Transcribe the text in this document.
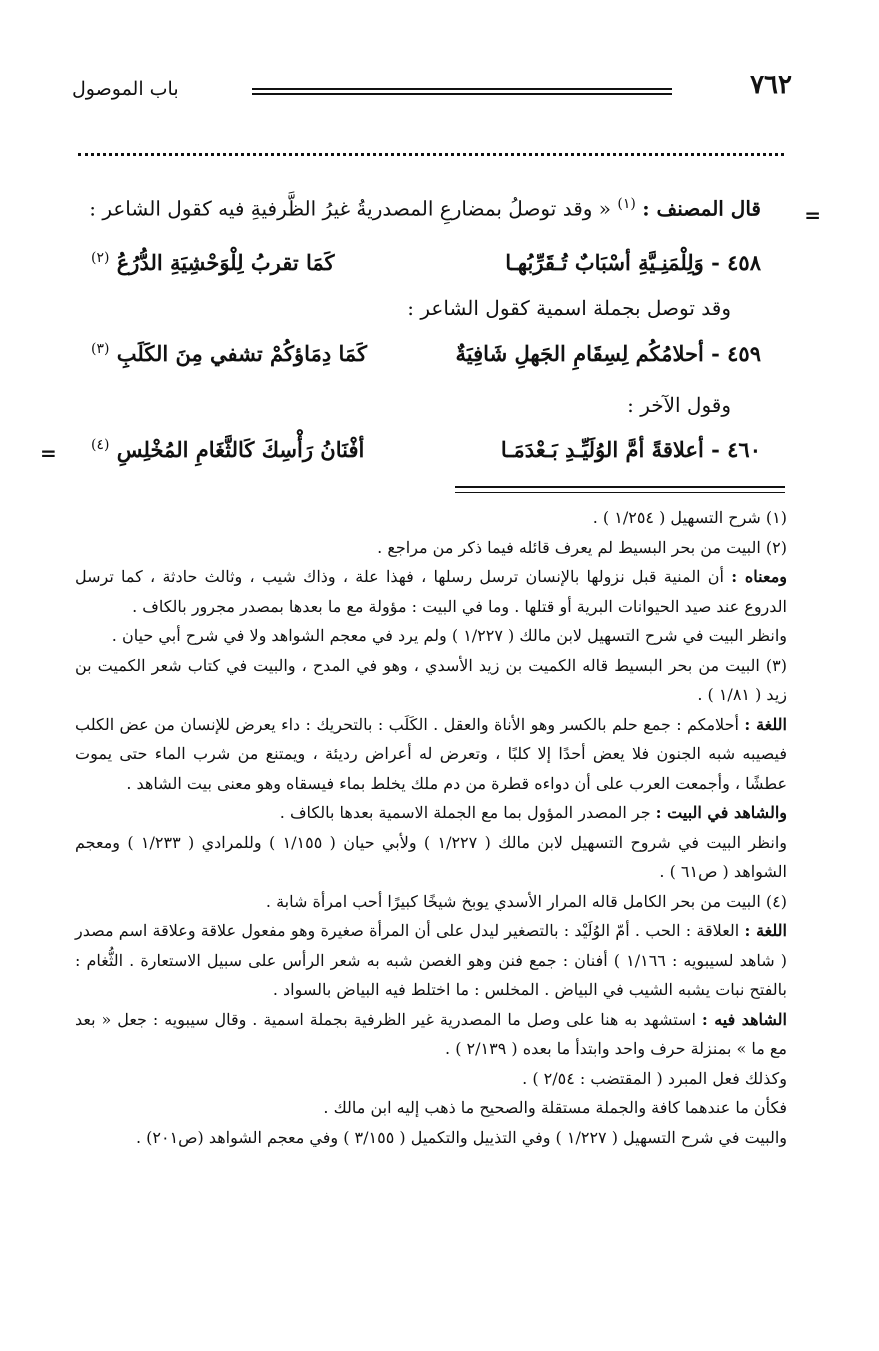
٧٦٢
باب الموصول
=
=
قال المصنف : $^{(١)}$ « وقد توصلُ بمضارعِ المصدريةُ غيرُ الظَّرفيةِ فيه كقول الشاعر :
٤٥٨ - وَلِلْمَنِـيَّةِ أسْبَابٌ تُـقَرِّبُهـا
كَمَا تقربُ لِلْوَحْشِيَةِ الدُّرُعُ $^{(٢)}$
وقد توصل بجملة اسمية كقول الشاعر :
٤٥٩ - أحلامُكُم لِسِقَامِ الجَهلِ شَافِيَةٌ
كَمَا دِمَاؤكُمْ تشفي مِنَ الكَلَبِ $^{(٣)}$
وقول الآخر :
٤٦٠ - أعلاقةً أمَّ الوُلَيِّـدِ بَـعْدَمَـا
أفْنَانُ رَأْسِكَ كَالثَّغَامِ المُخْلِسِ $^{(٤)}$

(١) شرح التسهيل ( ١/٢٥٤ ) .

(٢) البيت من بحر البسيط لم يعرف قائله فيما ذكر من مراجع .

ومعناه : أن المنية قبل نزولها بالإنسان ترسل رسلها ، فهذا علة ، وذاك شيب ، وثالث حادثة ، كما ترسل الدروع عند صيد الحيوانات البرية أو قتلها . وما في البيت : مؤولة مع ما بعدها بمصدر مجرور بالكاف .

وانظر البيت في شرح التسهيل لابن مالك ( ١/٢٢٧ ) ولم يرد في معجم الشواهد ولا في شرح أبي حيان .

(٣) البيت من بحر البسيط قاله الكميت بن زيد الأسدي ، وهو في المدح ، والبيت في كتاب شعر الكميت بن زيد ( ١/٨١ ) .

اللغة : أحلامكم : جمع حلم بالكسر وهو الأناة والعقل . الكَلَب : بالتحريك : داء يعرض للإنسان من عض الكلب فيصيبه شبه الجنون فلا يعض أحدًا إلا كلبًا ، وتعرض له أعراض رديئة ، ويمتنع من شرب الماء حتى يموت عطشًا ، وأجمعت العرب على أن دواءه قطرة من دم ملك يخلط بماء فيسقاه وهو معنى بيت الشاهد .

والشاهد في البيت : جر المصدر المؤول بما مع الجملة الاسمية بعدها بالكاف .

وانظر البيت في شروح التسهيل لابن مالك ( ١/٢٢٧ ) ولأبي حيان ( ١/١٥٥ ) وللمرادي ( ١/٢٣٣ ) ومعجم الشواهد ( ص٦١ ) .

(٤) البيت من بحر الكامل قاله المرار الأسدي يوبخ شيخًا كبيرًا أحب امرأة شابة .

اللغة : العلاقة : الحب . أمّ الوُلَيْد : بالتصغير ليدل على أن المرأة صغيرة وهو مفعول علاقة وعلاقة اسم مصدر ( شاهد لسيبويه : ١/١٦٦ ) أفنان : جمع فنن وهو الغصن شبه به شعر الرأس على سبيل الاستعارة . الثُّغام : بالفتح نبات يشبه الشيب في البياض . المخلس : ما اختلط فيه البياض بالسواد .

الشاهد فيه : استشهد به هنا على وصل ما المصدرية غير الظرفية بجملة اسمية . وقال سيبويه : جعل « بعد مع ما » بمنزلة حرف واحد وابتدأ ما بعده ( ٢/١٣٩ ) .

وكذلك فعل المبرد ( المقتضب : ٢/٥٤ ) .

فكأن ما عندهما كافة والجملة مستقلة والصحيح ما ذهب إليه ابن مالك .

والبيت في شرح التسهيل ( ١/٢٢٧ ) وفي التذييل والتكميل ( ٣/١٥٥ ) وفي معجم الشواهد (ص٢٠١) .
